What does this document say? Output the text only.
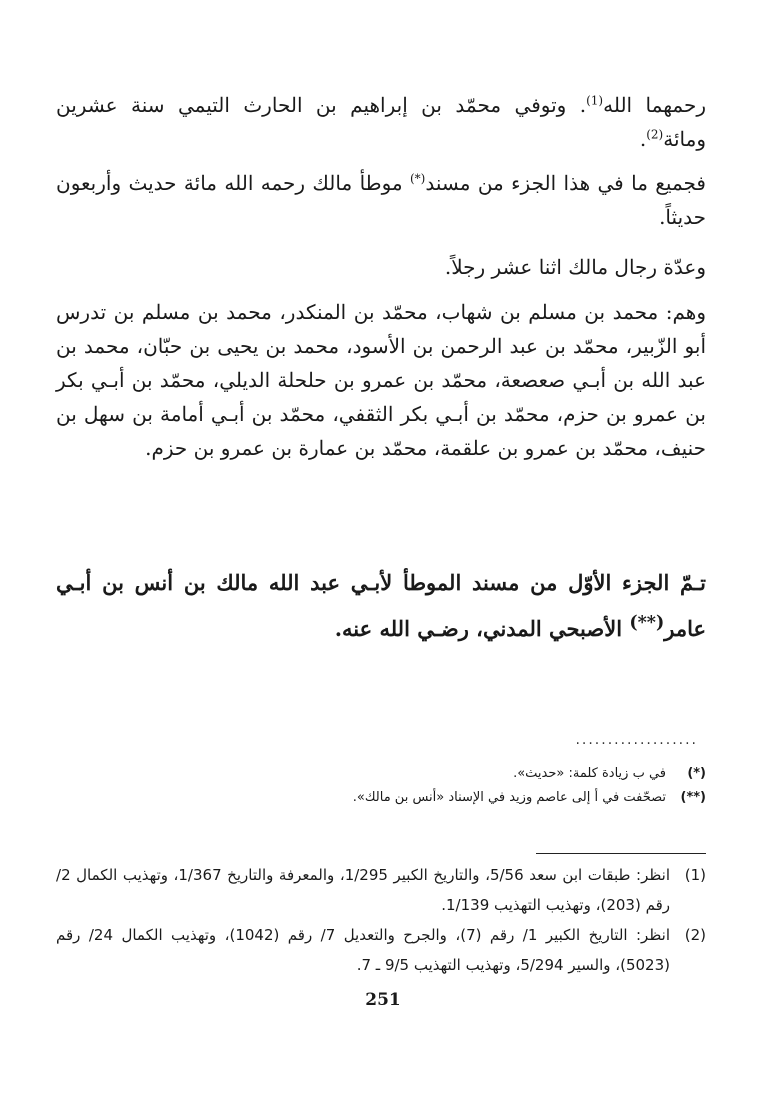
رحمهما الله$^{(1)}$. وتوفي محمّد بن إبراهيم بن الحارث التيمي سنة عشرين ومائة$^{(2)}$.

فجميع ما في هذا الجزء من مسند(*) موطأ مالك رحمه الله مائة حديث وأربعون حديثاً.

وعدّة رجال مالك اثنا عشر رجلاً.

وهم: محمد بن مسلم بن شهاب، محمّد بن المنكدر، محمد بن مسلم بن تدرس أبو الزّبير، محمّد بن عبد الرحمن بن الأسود، محمد بن يحيى بن حبّان، محمد بن عبد الله بن أبـي صعصعة، محمّد بن عمرو بن حلحلة الديلي، محمّد بن أبـي بكر بن عمرو بن حزم، محمّد بن أبـي بكر الثقفي، محمّد بن أبـي أمامة بن سهل بن حنيف، محمّد بن عمرو بن علقمة، محمّد بن عمارة بن عمرو بن حزم.

تـمّ الجزء الأوّل من مسند الموطأ لأبـي عبد الله مالك بن أنس بن أبـي عامر(**) الأصبحي المدني، رضـي الله عنه.

...................
(*)في ب زيادة كلمة: «حديث».
(**)تصحّفت في أ إلى عاصم وزيد في الإسناد «أنس بن مالك».
(1)
انظر: طبقات ابن سعد 5/56، والتاريخ الكبير 1/295، والمعرفة والتاريخ 1/367، وتهذيب الكمال 2/ رقم (203)، وتهذيب التهذيب 1/139.
(2)
انظر: التاريخ الكبير 1/ رقم (7)، والجرح والتعديل 7/ رقم (1042)، وتهذيب الكمال 24/ رقم (5023)، والسير 5/294، وتهذيب التهذيب 9/5 ـ 7.
251
